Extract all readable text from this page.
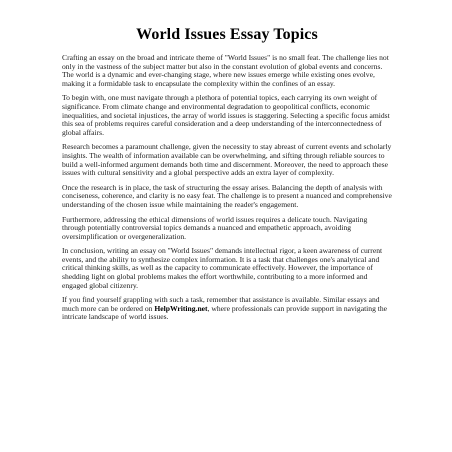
World Issues Essay Topics

Crafting an essay on the broad and intricate theme of "World Issues" is no small feat. The challenge lies not only in the vastness of the subject matter but also in the constant evolution of global events and concerns. The world is a dynamic and ever-changing stage, where new issues emerge while existing ones evolve, making it a formidable task to encapsulate the complexity within the confines of an essay.

To begin with, one must navigate through a plethora of potential topics, each carrying its own weight of significance. From climate change and environmental degradation to geopolitical conflicts, economic inequalities, and societal injustices, the array of world issues is staggering. Selecting a specific focus amidst this sea of problems requires careful consideration and a deep understanding of the interconnectedness of global affairs.

Research becomes a paramount challenge, given the necessity to stay abreast of current events and scholarly insights. The wealth of information available can be overwhelming, and sifting through reliable sources to build a well-informed argument demands both time and discernment. Moreover, the need to approach these issues with cultural sensitivity and a global perspective adds an extra layer of complexity.

Once the research is in place, the task of structuring the essay arises. Balancing the depth of analysis with conciseness, coherence, and clarity is no easy feat. The challenge is to present a nuanced and comprehensive understanding of the chosen issue while maintaining the reader's engagement.

Furthermore, addressing the ethical dimensions of world issues requires a delicate touch. Navigating through potentially controversial topics demands a nuanced and empathetic approach, avoiding oversimplification or overgeneralization.

In conclusion, writing an essay on "World Issues" demands intellectual rigor, a keen awareness of current events, and the ability to synthesize complex information. It is a task that challenges one's analytical and critical thinking skills, as well as the capacity to communicate effectively. However, the importance of shedding light on global problems makes the effort worthwhile, contributing to a more informed and engaged global citizenry.

If you find yourself grappling with such a task, remember that assistance is available. Similar essays and much more can be ordered on HelpWriting.net, where professionals can provide support in navigating the intricate landscape of world issues.
